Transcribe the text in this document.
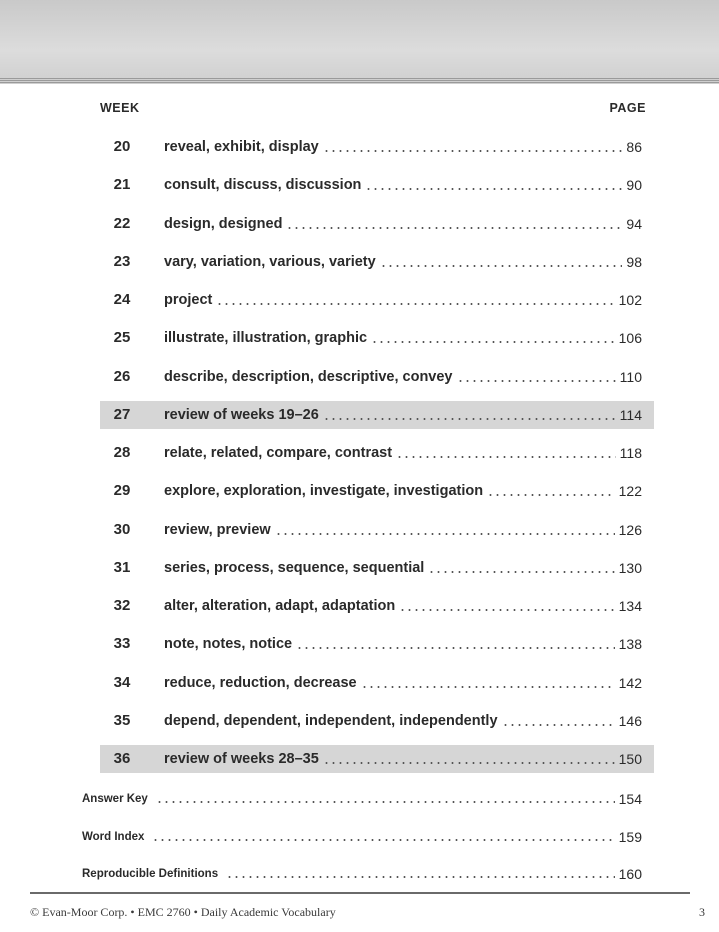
WEEK	PAGE
20	reveal, exhibit, display	86
21	consult, discuss, discussion	90
22	design, designed	94
23	vary, variation, various, variety	98
24	project	102
25	illustrate, illustration, graphic	106
26	describe, description, descriptive, convey	110
27	review of weeks 19–26	114
28	relate, related, compare, contrast	118
29	explore, exploration, investigate, investigation	122
30	review, preview	126
31	series, process, sequence, sequential	130
32	alter, alteration, adapt, adaptation	134
33	note, notes, notice	138
34	reduce, reduction, decrease	142
35	depend, dependent, independent, independently	146
36	review of weeks 28–35	150
Answer Key	154
Word Index	159
Reproducible Definitions	160
© Evan-Moor Corp. • EMC 2760 • Daily Academic Vocabulary	3
